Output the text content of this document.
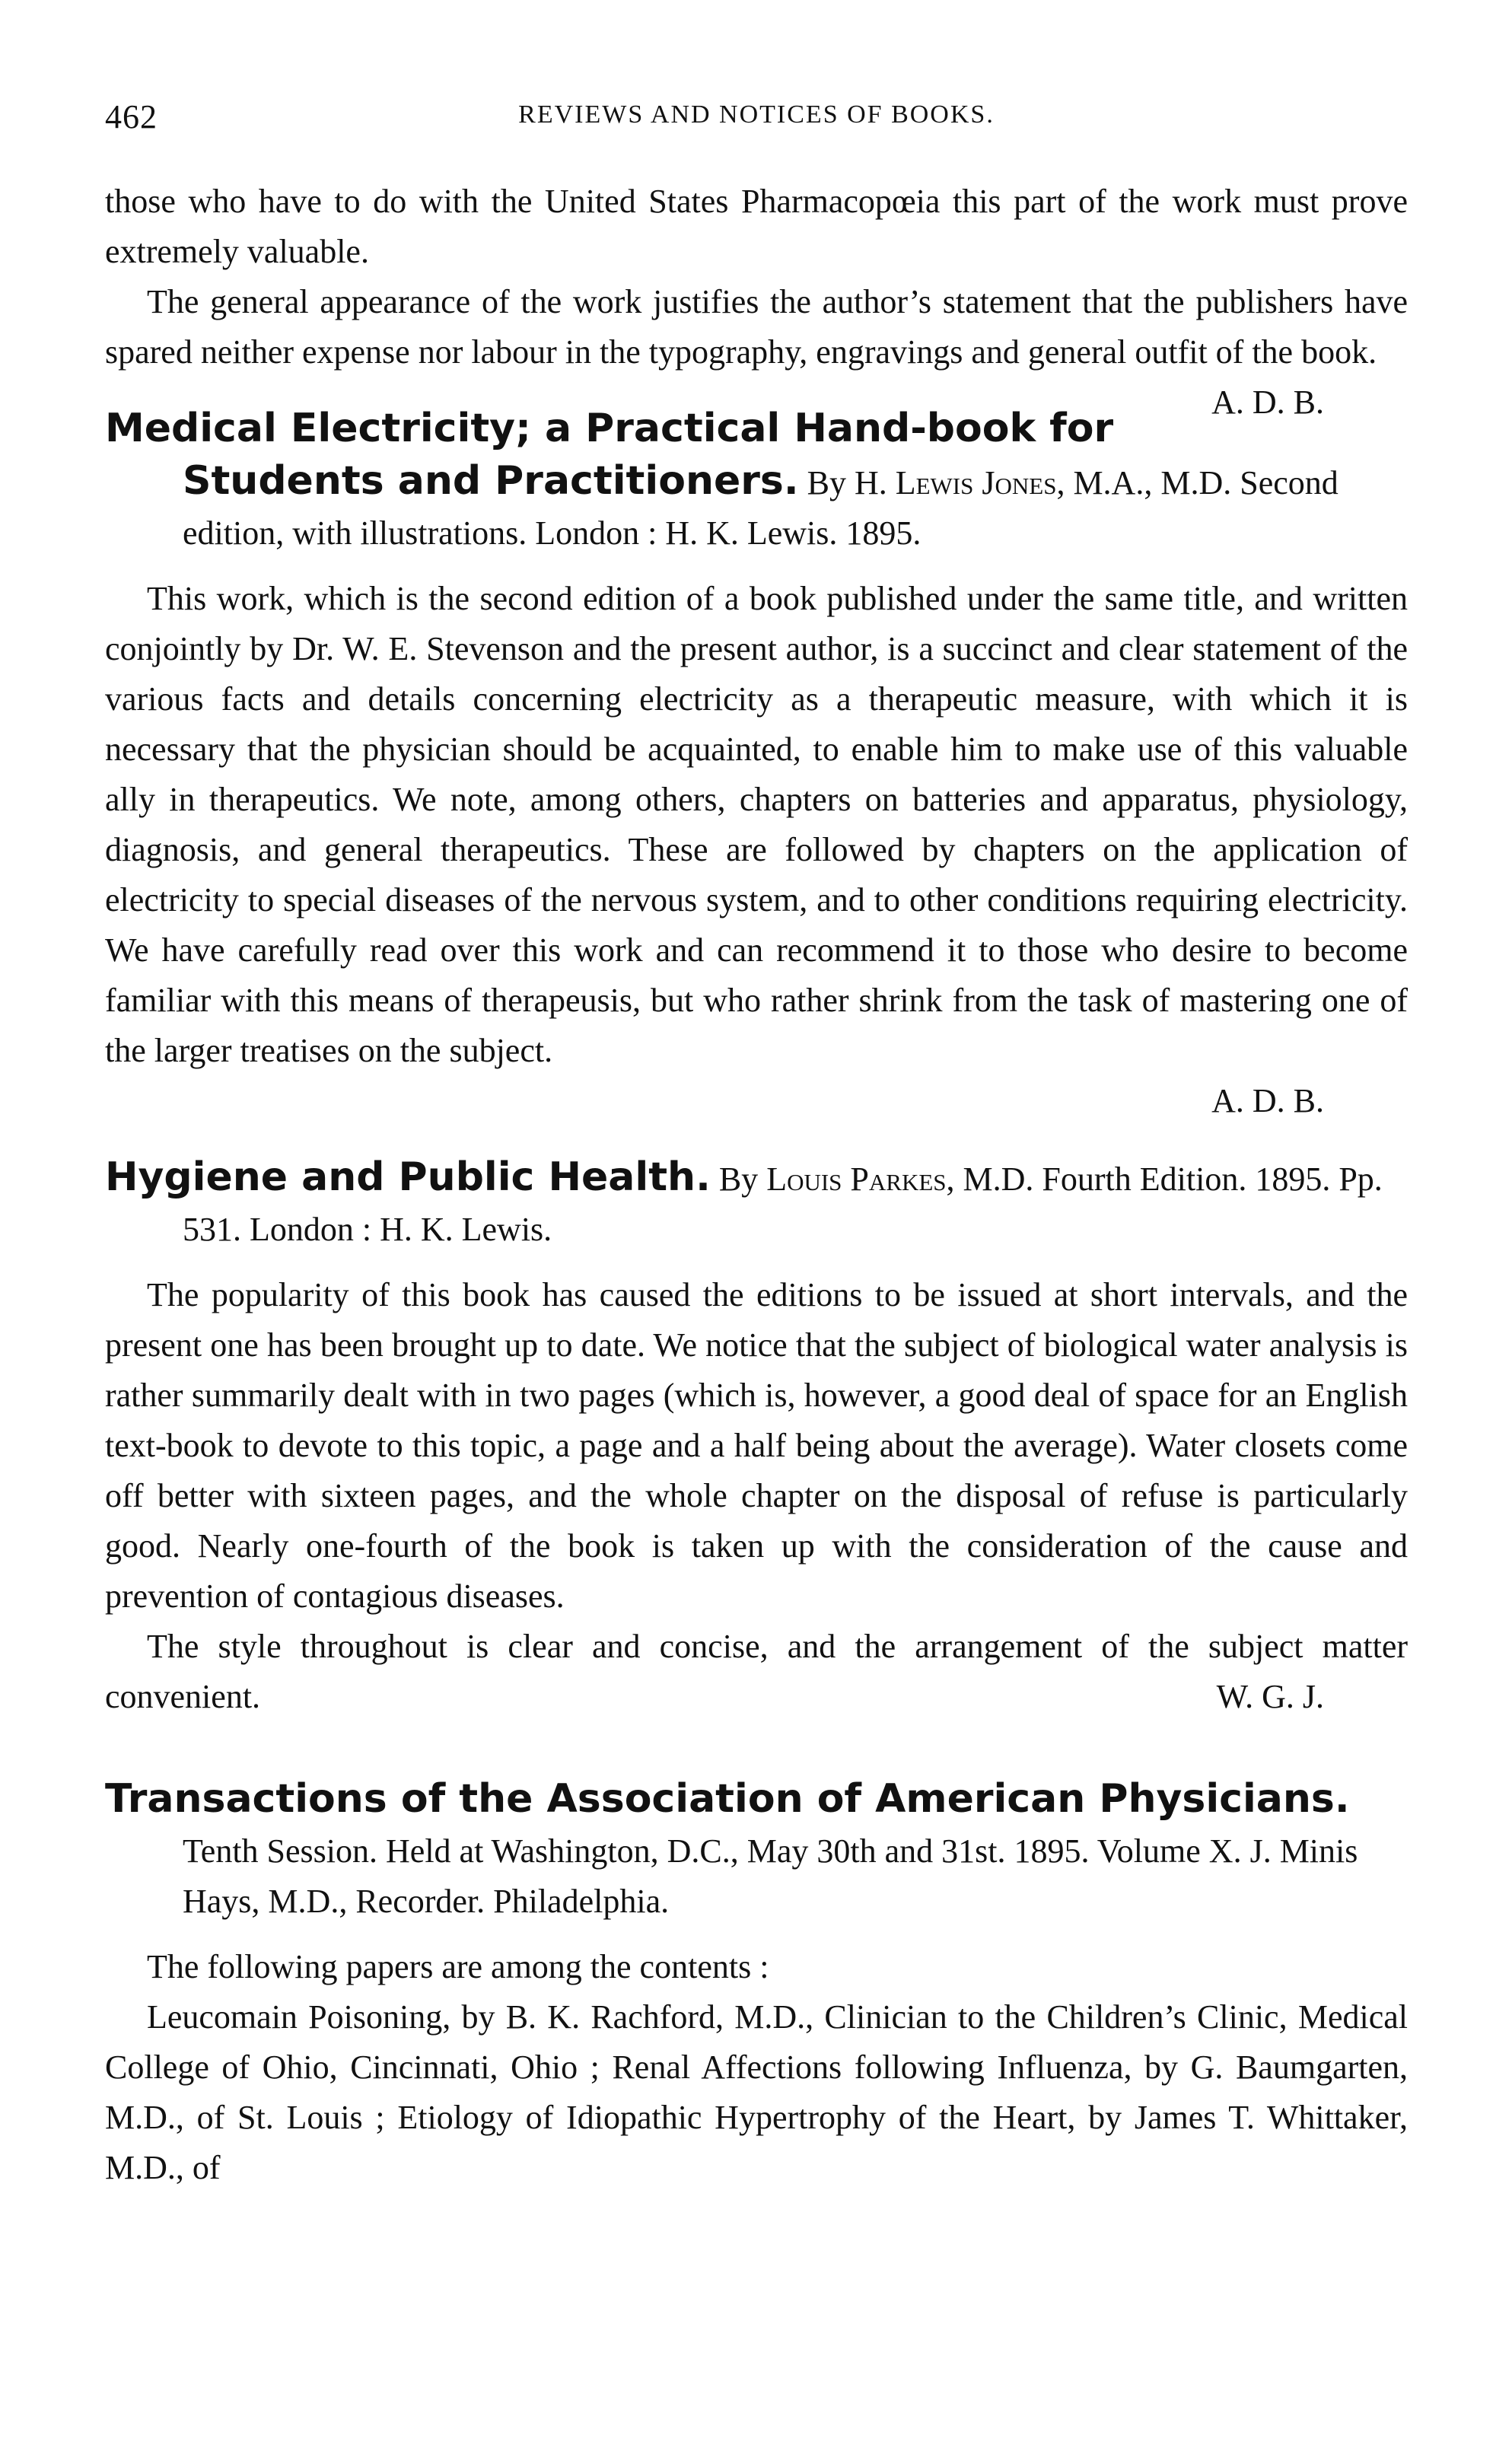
462	REVIEWS AND NOTICES OF BOOKS.

those who have to do with the United States Pharmacopœia this part of the work must prove extremely valuable.

The general appearance of the work justifies the author’s statement that the publishers have spared neither expense nor labour in the typography, engravings and general outfit of the book.
A. D. B.

Medical Electricity; a Practical Hand-book for Students and Practitioners. By H. Lewis Jones, M.A., M.D. Second edition, with illustrations. London : H. K. Lewis. 1895.

This work, which is the second edition of a book published under the same title, and written conjointly by Dr. W. E. Stevenson and the present author, is a succinct and clear statement of the various facts and details concerning electricity as a therapeutic measure, with which it is necessary that the physician should be acquainted, to enable him to make use of this valuable ally in therapeutics. We note, among others, chapters on batteries and apparatus, physiology, diagnosis, and general therapeutics. These are followed by chapters on the application of electricity to special diseases of the nervous system, and to other conditions requiring electricity. We have carefully read over this work and can recommend it to those who desire to become familiar with this means of therapeusis, but who rather shrink from the task of mastering one of the larger treatises on the subject.

A. D. B.

Hygiene and Public Health. By Louis Parkes, M.D. Fourth Edition. 1895. Pp. 531. London : H. K. Lewis.

The popularity of this book has caused the editions to be issued at short intervals, and the present one has been brought up to date. We notice that the subject of biological water analysis is rather summarily dealt with in two pages (which is, however, a good deal of space for an English text-book to devote to this topic, a page and a half being about the average). Water closets come off better with sixteen pages, and the whole chapter on the disposal of refuse is particularly good. Nearly one-fourth of the book is taken up with the consideration of the cause and prevention of contagious diseases.

The style throughout is clear and concise, and the arrangement of the subject matter convenient.	W. G. J.

Transactions of the Association of American Physicians. Tenth Session. Held at Washington, D.C., May 30th and 31st. 1895. Volume X. J. Minis Hays, M.D., Recorder. Philadelphia.

The following papers are among the contents :

Leucomain Poisoning, by B. K. Rachford, M.D., Clinician to the Children’s Clinic, Medical College of Ohio, Cincinnati, Ohio ; Renal Affections following Influenza, by G. Baumgarten, M.D., of St. Louis ; Etiology of Idiopathic Hypertrophy of the Heart, by James T. Whittaker, M.D., of
